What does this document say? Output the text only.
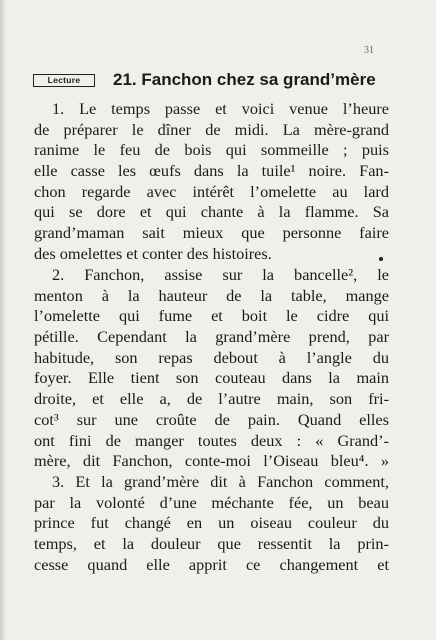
31
Lecture	21. Fanchon chez sa grand’mère
1. Le temps passe et voici venue l’heure
de préparer le dîner de midi. La mère-grand
ranime le feu de bois qui sommeille ; puis
elle casse les œufs dans la tuile¹ noire. Fan-
chon regarde avec intérêt l’omelette au lard
qui se dore et qui chante à la flamme. Sa
grand’maman sait mieux que personne faire
des omelettes et conter des histoires.
2. Fanchon, assise sur la bancelle², le
menton à la hauteur de la table, mange
l’omelette qui fume et boit le cidre qui
pétille. Cependant la grand’mère prend, par
habitude, son repas debout à l’angle du
foyer. Elle tient son couteau dans la main
droite, et elle a, de l’autre main, son fri-
cot³ sur une croûte de pain. Quand elles
ont fini de manger toutes deux : « Grand’-
mère, dit Fanchon, conte-moi l’Oiseau bleu⁴. »
3. Et la grand’mère dit à Fanchon comment,
par la volonté d’une méchante fée, un beau
prince fut changé en un oiseau couleur du
temps, et la douleur que ressentit la prin-
cesse quand elle apprit ce changement et
